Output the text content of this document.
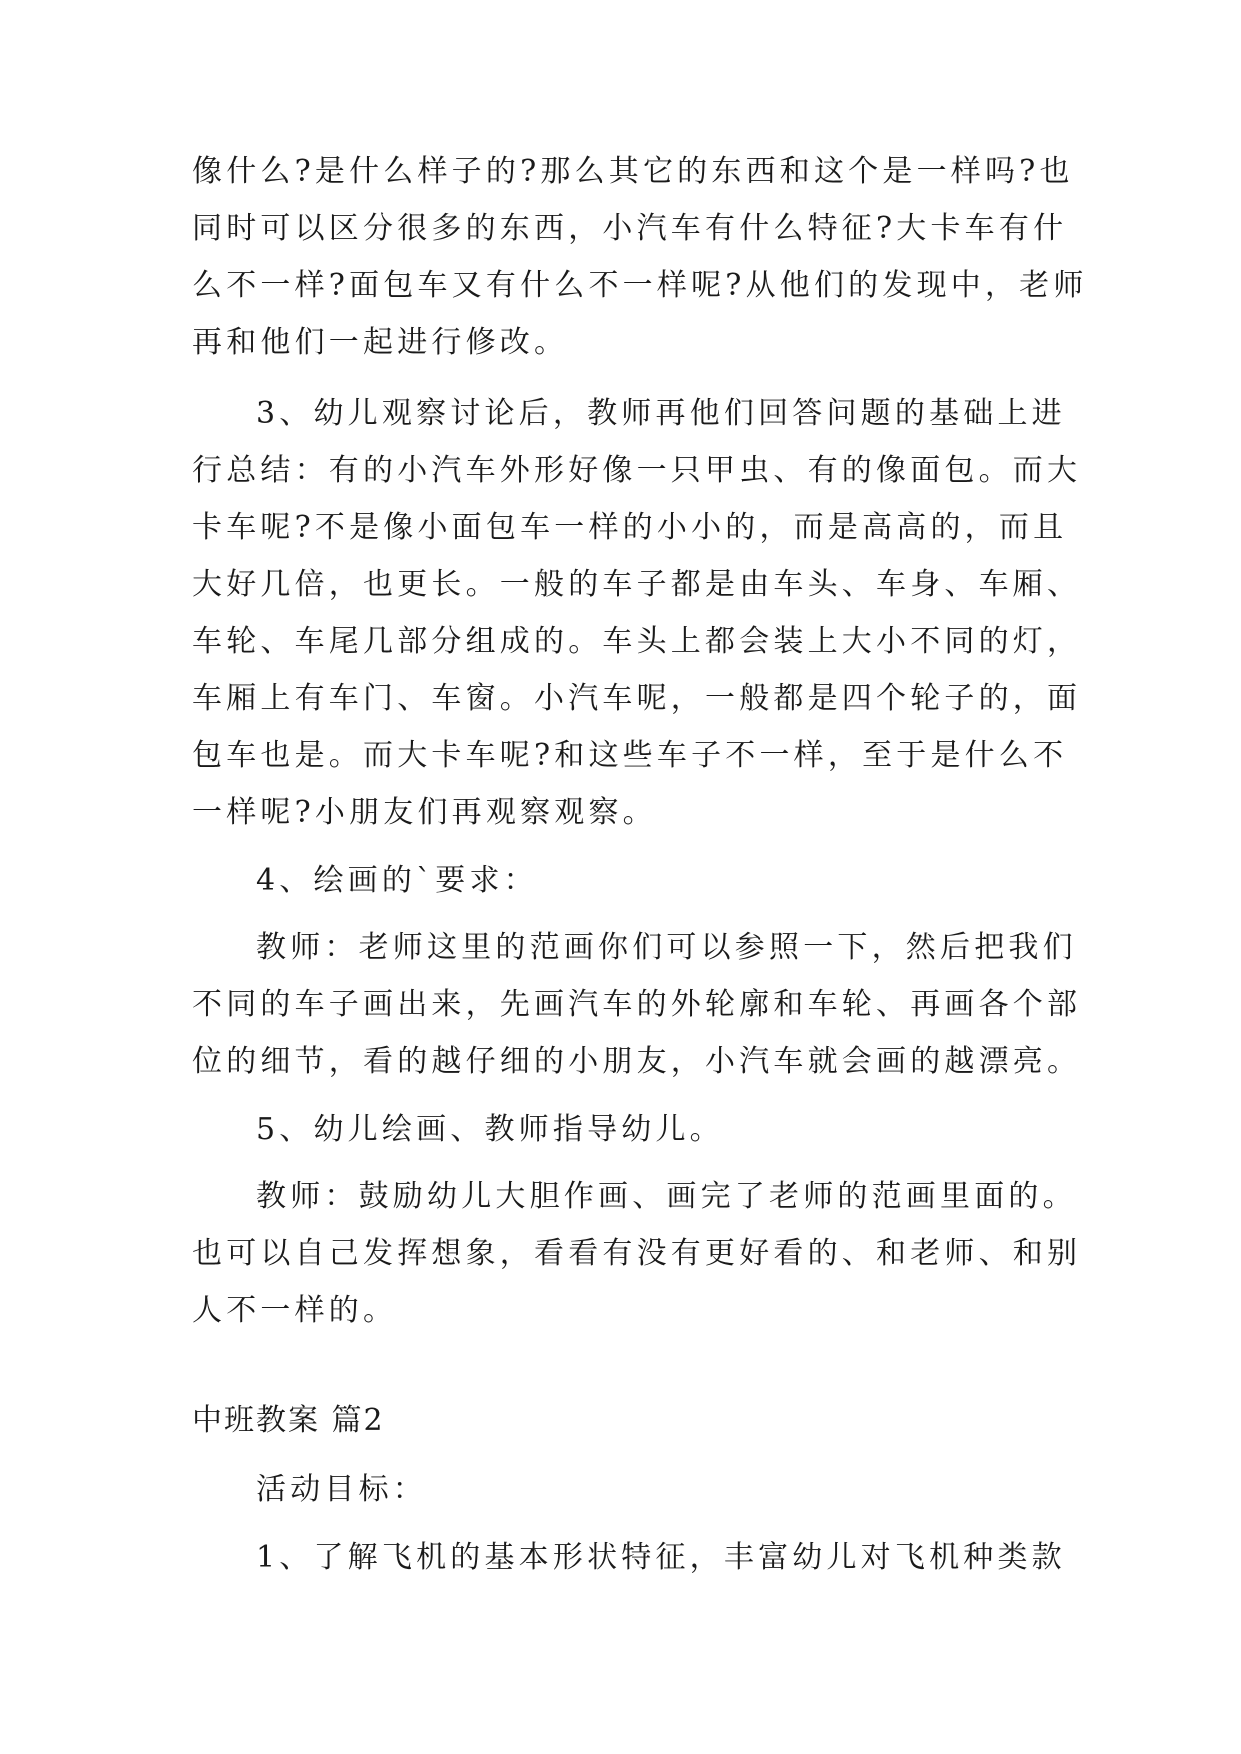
像什么?是什么样子的?那么其它的东西和这个是一样吗?也
同时可以区分很多的东西，小汽车有什么特征?大卡车有什
么不一样?面包车又有什么不一样呢?从他们的发现中，老师
再和他们一起进行修改。
3、幼儿观察讨论后，教师再他们回答问题的基础上进
行总结：有的小汽车外形好像一只甲虫、有的像面包。而大
卡车呢?不是像小面包车一样的小小的，而是高高的，而且
大好几倍，也更长。一般的车子都是由车头、车身、车厢、
车轮、车尾几部分组成的。车头上都会装上大小不同的灯，
车厢上有车门、车窗。小汽车呢，一般都是四个轮子的，面
包车也是。而大卡车呢?和这些车子不一样，至于是什么不
一样呢?小朋友们再观察观察。
4、绘画的`要求：
教师：老师这里的范画你们可以参照一下，然后把我们
不同的车子画出来，先画汽车的外轮廓和车轮、再画各个部
位的细节，看的越仔细的小朋友，小汽车就会画的越漂亮。
5、幼儿绘画、教师指导幼儿。
教师：鼓励幼儿大胆作画、画完了老师的范画里面的。
也可以自己发挥想象，看看有没有更好看的、和老师、和别
人不一样的。
中班教案 篇2
活动目标：
1、了解飞机的基本形状特征，丰富幼儿对飞机种类款
